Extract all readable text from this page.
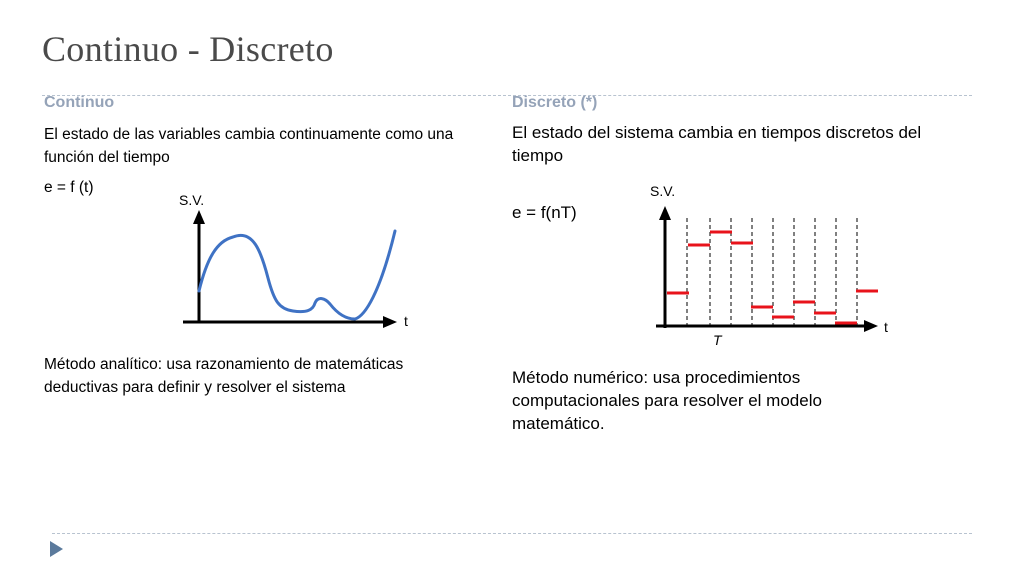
Continuo - Discreto
Continuo
El estado de las variables cambia continuamente como una función del tiempo
e = f (t)
S.V.
t
Método analítico: usa razonamiento de matemáticas deductivas para definir y resolver el sistema
Discreto (*)
El estado del sistema cambia en tiempos discretos del tiempo
e = f(nT)
S.V.
T
t
Método numérico: usa procedimientos computacionales para resolver el modelo matemático.
